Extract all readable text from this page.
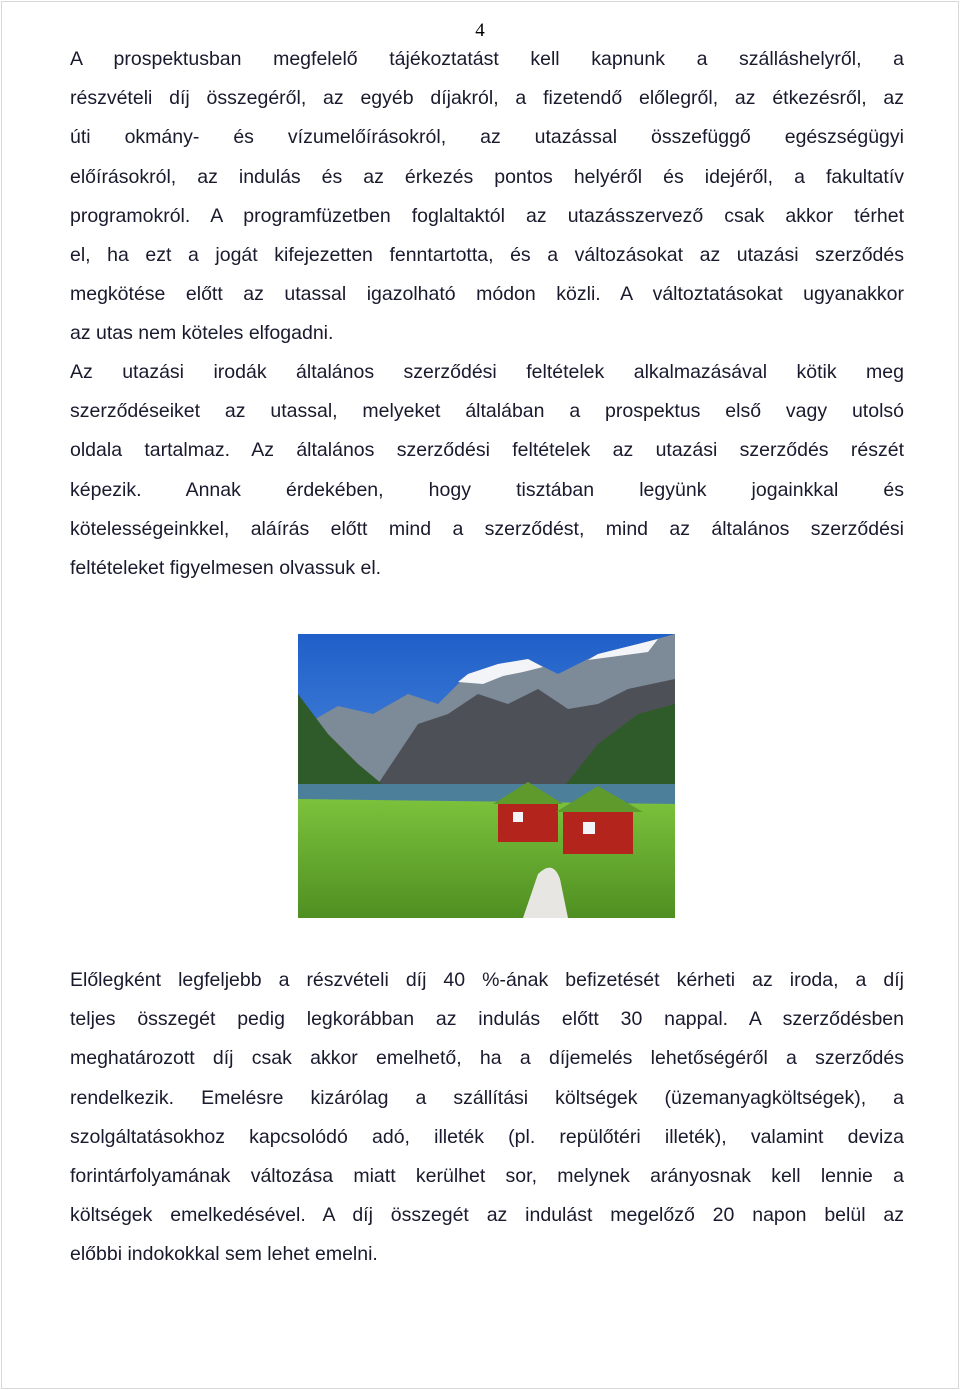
4

A prospektusban megfelelő tájékoztatást kell kapnunk a szálláshelyről, a
részvételi díj összegéről, az egyéb díjakról, a fizetendő előlegről, az étkezésről, az
úti okmány- és vízumelőírásokról, az utazással összefüggő egészségügyi
előírásokról, az indulás és az érkezés pontos helyéről és idejéről, a fakultatív
programokról. A programfüzetben foglaltaktól az utazásszervező csak akkor térhet
el, ha ezt a jogát kifejezetten fenntartotta, és a változásokat az utazási szerződés
megkötése előtt az utassal igazolható módon közli. A változtatásokat ugyanakkor
az utas nem köteles elfogadni.

Az utazási irodák általános szerződési feltételek alkalmazásával kötik meg
szerződéseiket az utassal, melyeket általában a prospektus első vagy utolsó
oldala tartalmaz. Az általános szerződési feltételek az utazási szerződés részét
képezik. Annak érdekében, hogy tisztában legyünk jogainkkal és
kötelességeinkkel, aláírás előtt mind a szerződést, mind az általános szerződési
feltételeket figyelmesen olvassuk el.

Előlegként legfeljebb a részvételi díj 40 %-ának befizetését kérheti az iroda, a díj
teljes összegét pedig legkorábban az indulás előtt 30 nappal. A szerződésben
meghatározott díj csak akkor emelhető, ha a díjemelés lehetőségéről a szerződés
rendelkezik. Emelésre kizárólag a szállítási költségek (üzemanyagköltségek), a
szolgáltatásokhoz kapcsolódó adó, illeték (pl. repülőtéri illeték), valamint deviza
forintárfolyamának változása miatt kerülhet sor, melynek arányosnak kell lennie a
költségek emelkedésével. A díj összegét az indulást megelőző 20 napon belül az
előbbi indokokkal sem lehet emelni.
